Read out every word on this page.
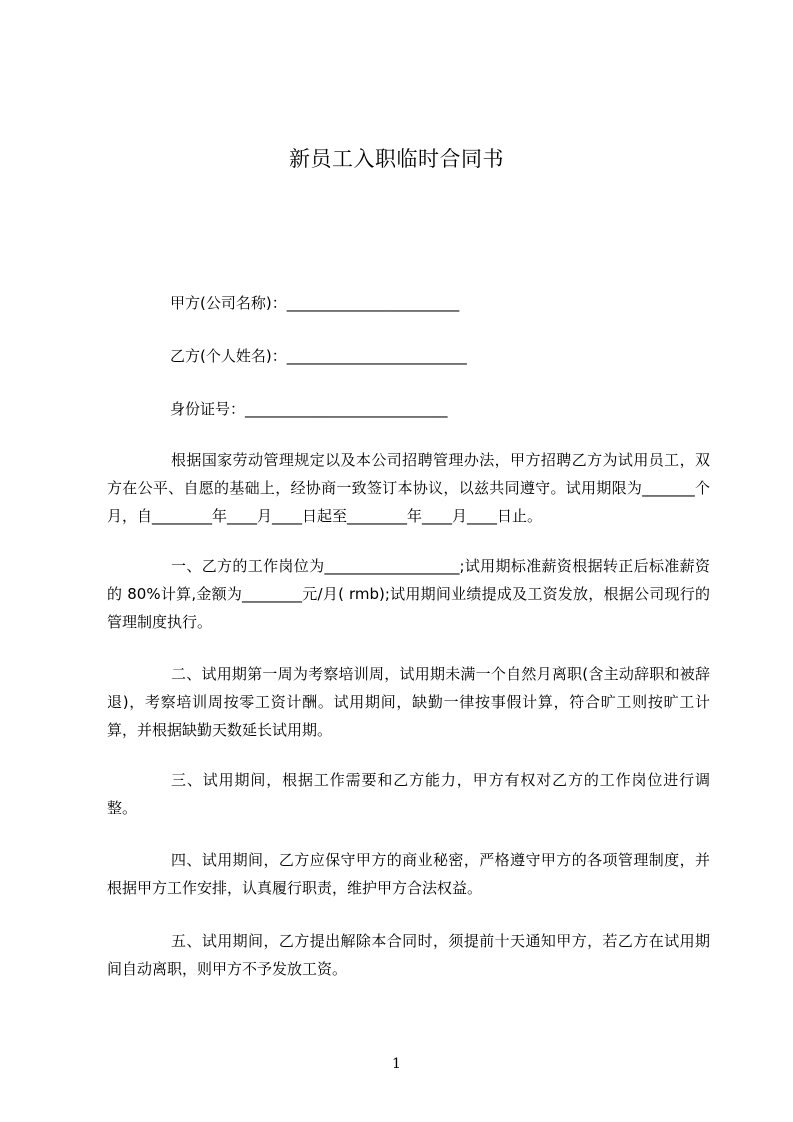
新员工入职临时合同书
甲方(公司名称)：_______________________
乙方(个人姓名)：________________________
身份证号：___________________________

根据国家劳动管理规定以及本公司招聘管理办法，甲方招聘乙方为试用员工，双方在公平、自愿的基础上，经协商一致签订本协议，以兹共同遵守。试用期限为_______个月，自________年____月____日起至________年____月____日止。

一、乙方的工作岗位为__________________;试用期标准薪资根据转正后标准薪资的 80%计算,金额为________元/月( rmb);试用期间业绩提成及工资发放，根据公司现行的管理制度执行。

二、试用期第一周为考察培训周，试用期未满一个自然月离职(含主动辞职和被辞退)，考察培训周按零工资计酬。试用期间，缺勤一律按事假计算，符合旷工则按旷工计算，并根据缺勤天数延长试用期。

三、试用期间，根据工作需要和乙方能力，甲方有权对乙方的工作岗位进行调整。

四、试用期间，乙方应保守甲方的商业秘密，严格遵守甲方的各项管理制度，并根据甲方工作安排，认真履行职责，维护甲方合法权益。

五、试用期间，乙方提出解除本合同时，须提前十天通知甲方，若乙方在试用期间自动离职，则甲方不予发放工资。

1
